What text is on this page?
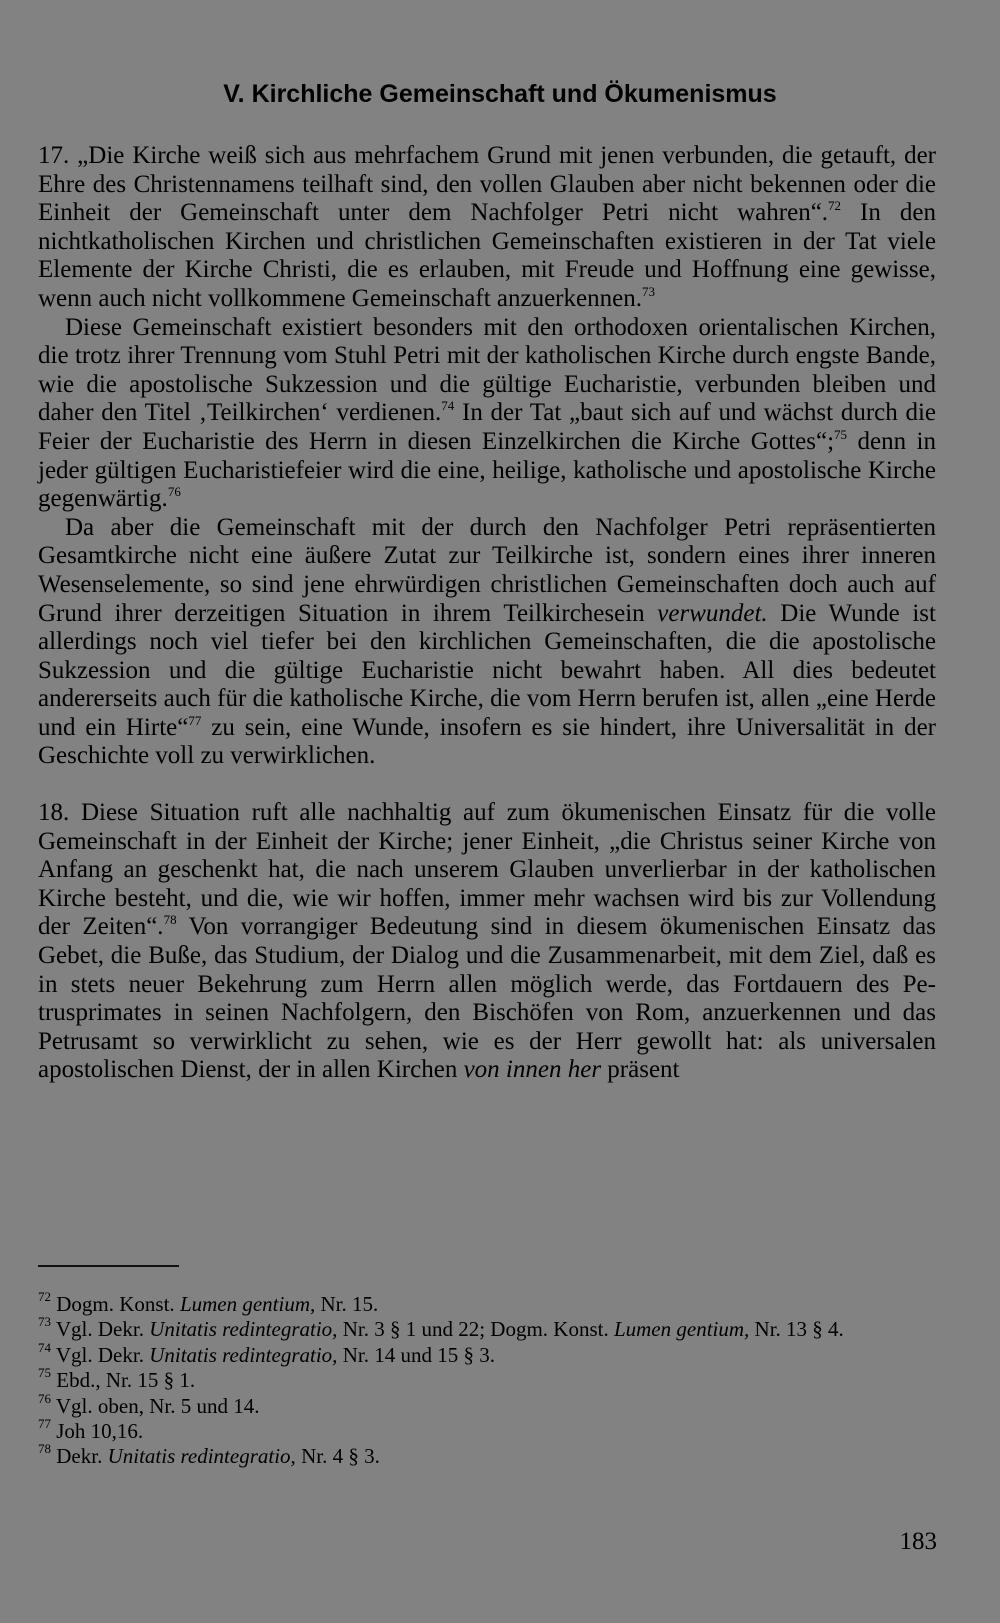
V. Kirchliche Gemeinschaft und Ökumenismus

17. „Die Kirche weiß sich aus mehrfachem Grund mit jenen verbunden, die getauft, der Ehre des Christennamens teilhaft sind, den vollen Glauben aber nicht bekennen oder die Einheit der Gemeinschaft unter dem Nachfolger Petri nicht wahren“.$^{72}$ In den nichtkatholischen Kirchen und christlichen Gemeinschaften existieren in der Tat viele Elemente der Kirche Christi, die es erlauben, mit Freude und Hoffnung eine gewisse, wenn auch nicht vollkommene Gemeinschaft anzuerkennen.$^{73}$

Diese Gemeinschaft existiert besonders mit den orthodoxen orientalischen Kirchen, die trotz ihrer Trennung vom Stuhl Petri mit der katholischen Kirche durch engste Bande, wie die apostolische Sukzession und die gültige Eucharistie, verbunden bleiben und daher den Titel ‚Teilkirchen‘ verdienen.$^{74}$ In der Tat „baut sich auf und wächst durch die Feier der Eucharistie des Herrn in diesen Einzelkirchen die Kirche Gottes“;$^{75}$ denn in jeder gültigen Eucharistiefeier wird die eine, heilige, katholische und apostolische Kirche gegenwärtig.$^{76}$

Da aber die Gemeinschaft mit der durch den Nachfolger Petri repräsentierten Gesamtkirche nicht eine äußere Zutat zur Teilkirche ist, sondern eines ihrer inneren Wesenselemente, so sind jene ehrwürdigen christlichen Gemeinschaften doch auch auf Grund ihrer derzeitigen Situation in ihrem Teilkirchesein verwundet. Die Wunde ist allerdings noch viel tiefer bei den kirchlichen Gemeinschaften, die die apostolische Sukzession und die gültige Eucharistie nicht bewahrt haben. All dies bedeutet andererseits auch für die katholische Kirche, die vom Herrn berufen ist, allen „eine Herde und ein Hirte“$^{77}$ zu sein, eine Wunde, insofern es sie hindert, ihre Universalität in der Geschichte voll zu verwirklichen.

18. Diese Situation ruft alle nachhaltig auf zum ökumenischen Einsatz für die volle Gemeinschaft in der Einheit der Kirche; jener Einheit, „die Christus seiner Kirche von Anfang an geschenkt hat, die nach unserem Glauben unverlierbar in der katholischen Kirche besteht, und die, wie wir hoffen, immer mehr wachsen wird bis zur Vollendung der Zeiten“.$^{78}$ Von vorrangiger Bedeutung sind in diesem ökumenischen Einsatz das Gebet, die Buße, das Studium, der Dialog und die Zusammenarbeit, mit dem Ziel, daß es in stets neuer Bekehrung zum Herrn allen möglich werde, das Fortdauern des Petrusprimates in seinen Nachfolgern, den Bischöfen von Rom, anzuerkennen und das Petrusamt so verwirklicht zu sehen, wie es der Herr gewollt hat: als universalen apostolischen Dienst, der in allen Kirchen von innen her präsent

$^{72}$ Dogm. Konst. Lumen gentium, Nr. 15.

$^{73}$ Vgl. Dekr. Unitatis redintegratio, Nr. 3 § 1 und 22; Dogm. Konst. Lumen gentium, Nr. 13 § 4.

$^{74}$ Vgl. Dekr. Unitatis redintegratio, Nr. 14 und 15 § 3.

$^{75}$ Ebd., Nr. 15 § 1.

$^{76}$ Vgl. oben, Nr. 5 und 14.

$^{77}$ Joh 10,16.

$^{78}$ Dekr. Unitatis redintegratio, Nr. 4 § 3.

183
